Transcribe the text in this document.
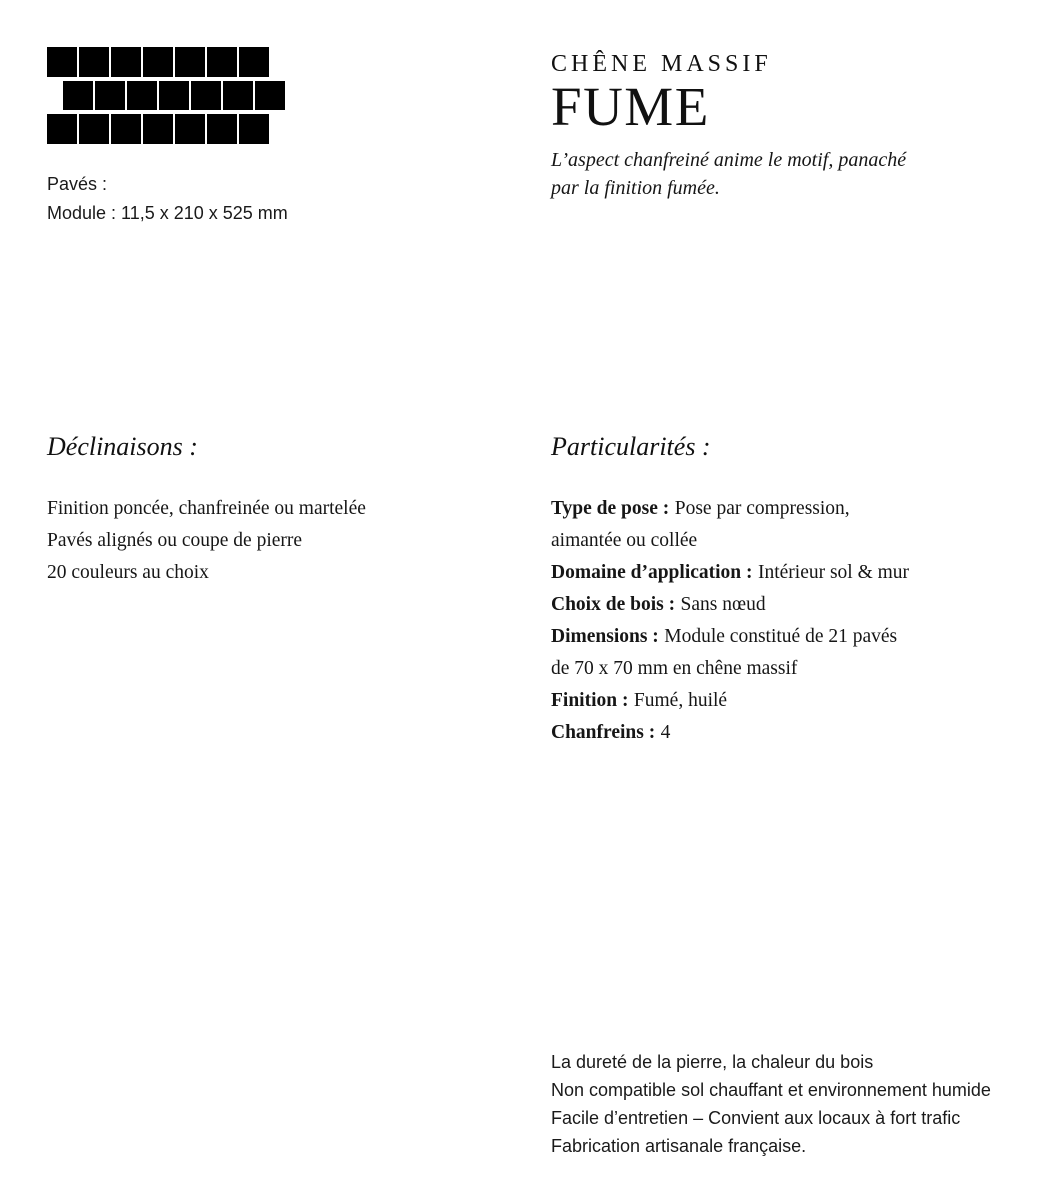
Pavés :
Module : 11,5 x 210 x 525 mm
CHÊNE MASSIF
FUME
L’aspect chanfreiné anime le motif, panaché
par la finition fumée.
Déclinaisons :
Finition poncée, chanfreinée ou martelée
Pavés alignés ou coupe de pierre
20 couleurs au choix
Particularités :
Type de pose : Pose par compression,
aimantée ou collée
Domaine d’application : Intérieur sol & mur
Choix de bois : Sans nœud
Dimensions : Module constitué de 21 pavés
de 70 x 70 mm en chêne massif
Finition : Fumé, huilé
Chanfreins : 4
La dureté de la pierre, la chaleur du bois
Non compatible sol chauffant et environnement humide
Facile d’entretien – Convient aux locaux à fort trafic
Fabrication artisanale française.
